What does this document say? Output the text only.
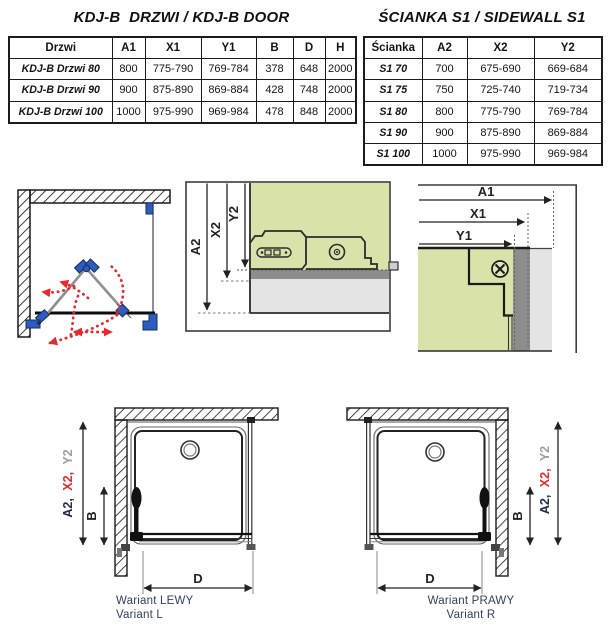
KDJ-B  DRZWI / KDJ-B DOOR	ŚCIANKA S1 / SIDEWALL S1
Drzwi	A1	X1	Y1	B	D	H
KDJ-B Drzwi 80	800	775-790	769-784	378	648	2000
KDJ-B Drzwi 90	900	875-890	869-884	428	748	2000
KDJ-B Drzwi 100	1000	975-990	969-984	478	848	2000
Ścianka	A2	X2	Y2
S1 70	700	675-690	669-684
S1 75	750	725-740	719-734
S1 80	800	775-790	769-784
S1 90	900	875-890	869-884
S1 100	1000	975-990	969-984
A2
X2
Y2
A1
X1
Y1
A2, X2, Y2
B
D
B
A2, X2, Y2
D
Wariant LEWY
Variant L
Wariant PRAWY
Variant R
